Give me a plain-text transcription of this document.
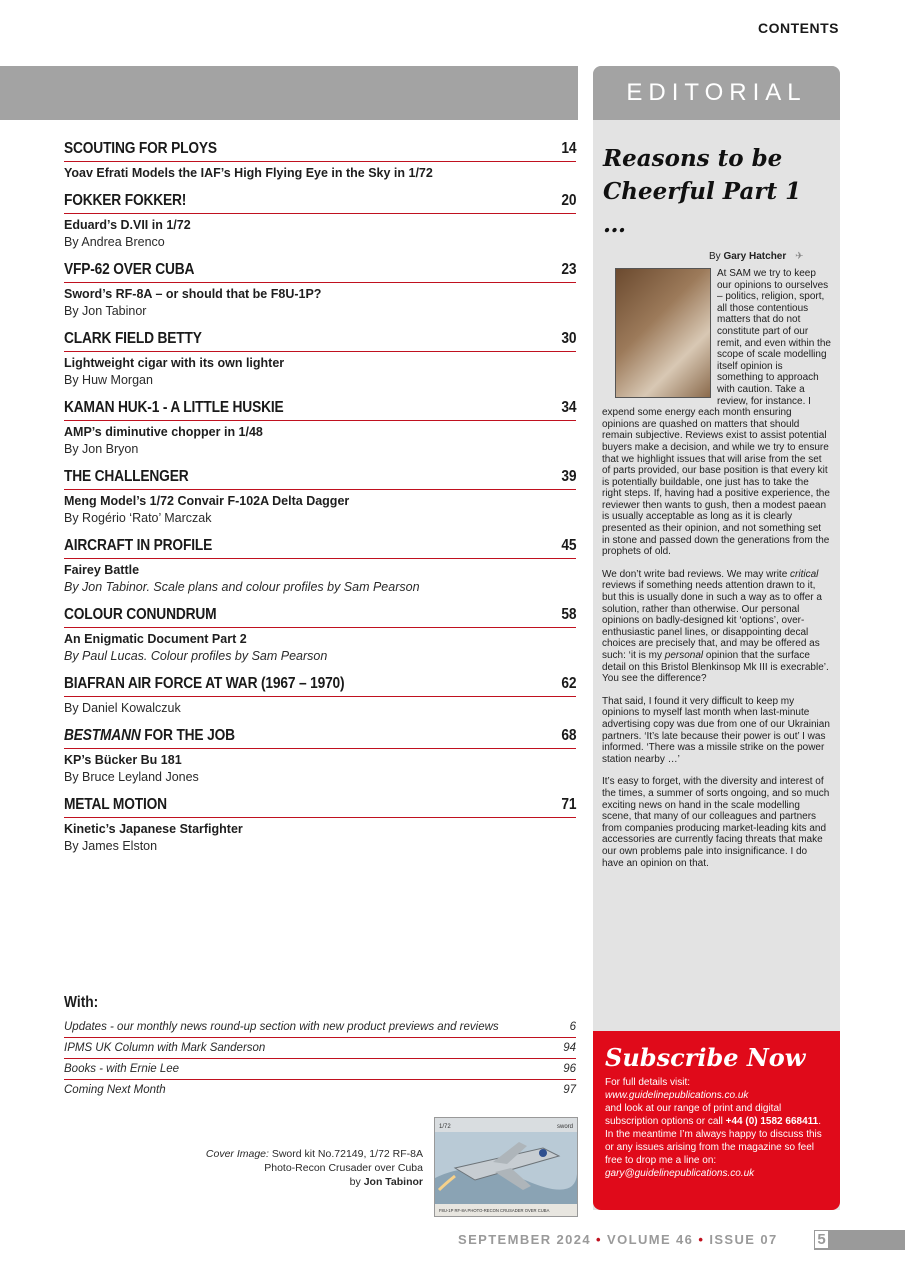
CONTENTS
SCOUTING FOR PLOYS	14
Yoav Efrati Models the IAF’s High Flying Eye in the Sky in 1/72
FOKKER FOKKER!	20
Eduard’s D.VII in 1/72
By Andrea Brenco
VFP-62 OVER CUBA	23
Sword’s RF-8A – or should that be F8U-1P?
By Jon Tabinor
CLARK FIELD BETTY	30
Lightweight cigar with its own lighter
By Huw Morgan
KAMAN HUK-1 - A LITTLE HUSKIE	34
AMP’s diminutive chopper in 1/48
By Jon Bryon
THE CHALLENGER	39
Meng Model’s 1/72 Convair F-102A Delta Dagger
By Rogério ‘Rato’ Marczak
AIRCRAFT IN PROFILE	45
Fairey Battle
By Jon Tabinor. Scale plans and colour profiles by Sam Pearson
COLOUR CONUNDRUM	58
An Enigmatic Document Part 2
By Paul Lucas. Colour profiles by Sam Pearson
BIAFRAN AIR FORCE AT WAR (1967 – 1970)	62
By Daniel Kowalczuk
BESTMANN FOR THE JOB	68
KP’s Bücker Bu 181
By Bruce Leyland Jones
METAL MOTION	71
Kinetic’s Japanese Starfighter
By James Elston
With:
Updates - our monthly news round-up section with new product previews and reviews	6
IPMS UK Column with Mark Sanderson	94
Books - with Ernie Lee	96
Coming Next Month	97
Cover Image: Sword kit No.72149, 1/72 RF-8A
Photo-Recon Crusader over Cuba
by Jon Tabinor
1/72	sword
F8U-1P RF-8A PHOTO-RECON CRUSADER OVER CUBA
EDITORIAL
Reasons to be Cheerful Part 1 …
By Gary Hatcher ✈

At SAM we try to keep our opinions to ourselves – politics, religion, sport, all those contentious matters that do not constitute part of our remit, and even within the scope of scale modelling itself opinion is something to approach with caution. Take a review, for instance. I expend some energy each month ensuring opinions are quashed on matters that should remain subjective. Reviews exist to assist potential buyers make a decision, and while we try to ensure that we highlight issues that will arise from the set of parts provided, our base position is that every kit is potentially buildable, one just has to take the right steps. If, having had a positive experience, the reviewer then wants to gush, then a modest paean is usually acceptable as long as it is clearly presented as their opinion, and not something set in stone and passed down the generations from the prophets of old.

We don’t write bad reviews. We may write critical reviews if something needs attention drawn to it, but this is usually done in such a way as to offer a solution, rather than otherwise. Our personal opinions on badly-designed kit ‘options’, over-enthusiastic panel lines, or disappointing decal choices are precisely that, and may be offered as such: ‘it is my personal opinion that the surface detail on this Bristol Blenkinsop Mk III is execrable’. You see the difference?

That said, I found it very difficult to keep my opinions to myself last month when last-minute advertising copy was due from one of our Ukrainian partners. ‘It’s late because their power is out’ I was informed. ‘There was a missile strike on the power station nearby …’

It’s easy to forget, with the diversity and interest of the times, a summer of sorts ongoing, and so much exciting news on hand in the scale modelling scene, that many of our colleagues and partners from companies producing market-leading kits and accessories are currently facing threats that make our own problems pale into insignificance. I do have an opinion on that.

Subscribe Now
For full details visit:
www.guidelinepublications.co.uk
and look at our range of print and digital subscription options or call +44 (0) 1582 668411. In the meantime I’m always happy to discuss this or any issues arising from the magazine so feel free to drop me a line on:
gary@guidelinepublications.co.uk
SEPTEMBER 2024 • VOLUME 46 • ISSUE 07	5
